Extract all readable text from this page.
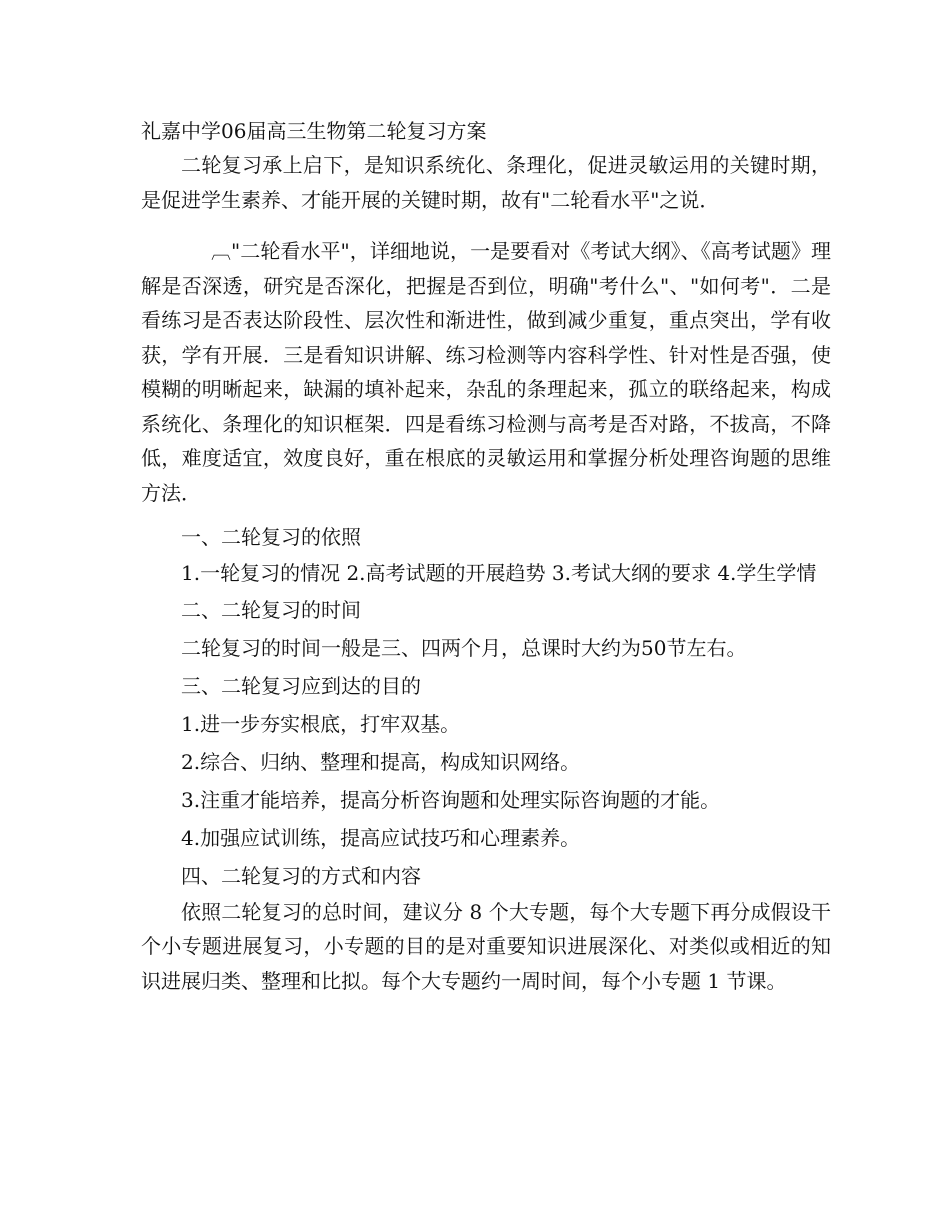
礼嘉中学06届高三生物第二轮复习方案

二轮复习承上启下，是知识系统化、条理化，促进灵敏运用的关键时期，是促进学生素养、才能开展的关键时期，故有"二轮看水平"之说．

︹"二轮看水平"，详细地说，一是要看对《考试大纲》、《高考试题》理解是否深透，研究是否深化，把握是否到位，明确"考什么"、"如何考"．二是看练习是否表达阶段性、层次性和渐进性，做到减少重复，重点突出，学有收获，学有开展．三是看知识讲解、练习检测等内容科学性、针对性是否强，使模糊的明晰起来，缺漏的填补起来，杂乱的条理起来，孤立的联络起来，构成系统化、条理化的知识框架．四是看练习检测与高考是否对路，不拔高，不降低，难度适宜，效度良好，重在根底的灵敏运用和掌握分析处理咨询题的思维方法．

一、二轮复习的依照

1.一轮复习的情况 2.高考试题的开展趋势 3.考试大纲的要求 4.学生学情

二、二轮复习的时间

二轮复习的时间一般是三、四两个月，总课时大约为50节左右。

三、二轮复习应到达的目的

1.进一步夯实根底，打牢双基。

2.综合、归纳、整理和提高，构成知识网络。

3.注重才能培养，提高分析咨询题和处理实际咨询题的才能。

4.加强应试训练，提高应试技巧和心理素养。

四、二轮复习的方式和内容

依照二轮复习的总时间，建议分 8 个大专题，每个大专题下再分成假设干个小专题进展复习，小专题的目的是对重要知识进展深化、对类似或相近的知识进展归类、整理和比拟。每个大专题约一周时间，每个小专题 1 节课。
